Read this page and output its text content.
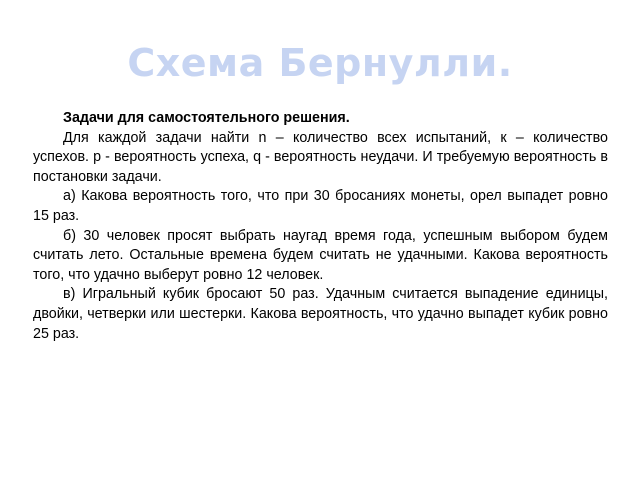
Схема Бернулли.

Задачи для самостоятельного решения.

Для каждой задачи найти n – количество всех испытаний, к – количество успехов. p - вероятность успеха, q - вероятность неудачи. И требуемую вероятность в постановки задачи.

а) Какова вероятность того, что при 30 бросаниях монеты, орел выпадет ровно 15 раз.

б) 30 человек просят выбрать наугад время года, успешным выбором будем считать лето. Остальные времена будем считать не удачными. Какова вероятность того, что удачно выберут ровно 12 человек.

в) Игральный кубик бросают 50 раз. Удачным считается выпадение единицы, двойки, четверки или шестерки. Какова вероятность, что удачно выпадет кубик ровно 25 раз.
